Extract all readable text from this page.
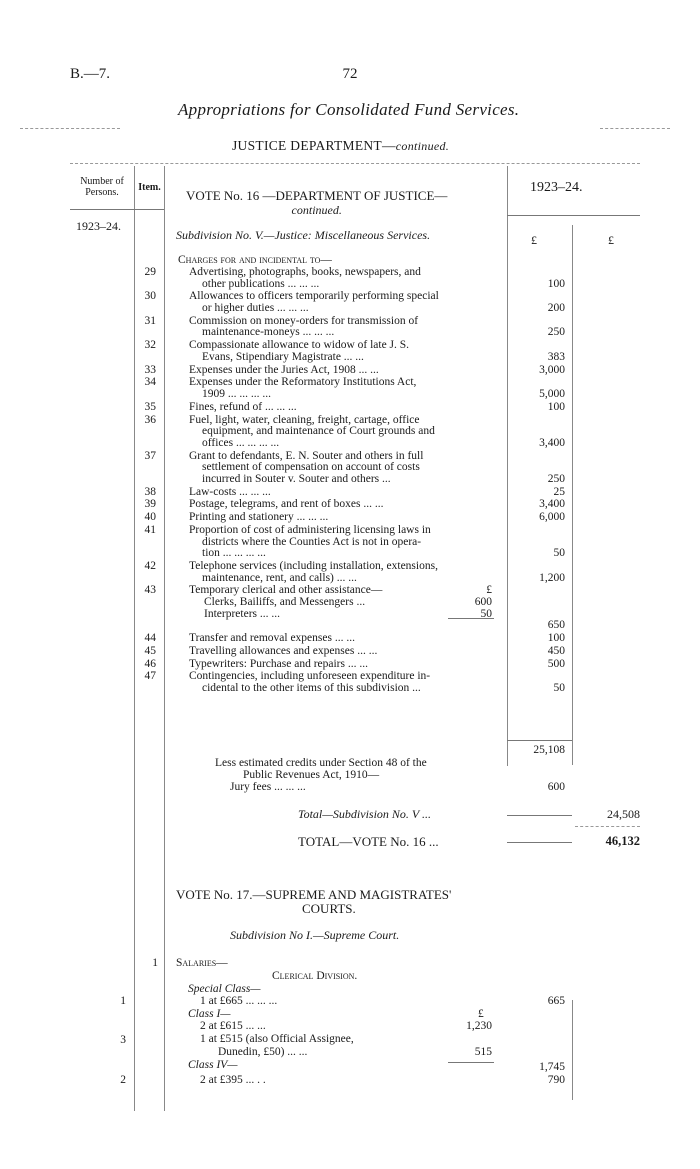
B.—7.	72
Appropriations for Consolidated Fund Services.
JUSTICE DEPARTMENT—continued.
Number of Persons.	Item.
1923–24.
1923–24.
£	£
VOTE No. 16 —DEPARTMENT OF JUSTICE—
continued.
Subdivision No. V.—Justice: Miscellaneous Services.
Charges for and incidental to—
29	Advertising, photographs, books, newspapers, and
other publications ... ... ...	100
30	Allowances to officers temporarily performing special
or higher duties ... ... ...	200
31	Commission on money-orders for transmission of
maintenance-moneys ... ... ...	250
32	Compassionate allowance to widow of late J. S.
Evans, Stipendiary Magistrate ... ...	383
33	Expenses under the Juries Act, 1908 ... ...	3,000
34	Expenses under the Reformatory Institutions Act,
1909 ... ... ... ...	5,000
35	Fines, refund of ... ... ...	100
36	Fuel, light, water, cleaning, freight, cartage, office
equipment, and maintenance of Court grounds and
offices ... ... ... ...	3,400
37	Grant to defendants, E. N. Souter and others in full
settlement of compensation on account of costs
incurred in Souter v. Souter and others ...	250
38	Law-costs ... ... ...	25
39	Postage, telegrams, and rent of boxes ... ...	3,400
40	Printing and stationery ... ... ...	6,000
41	Proportion of cost of administering licensing laws in
districts where the Counties Act is not in opera-
tion ... ... ... ...	50
42	Telephone services (including installation, extensions,
maintenance, rent, and calls) ... ...	1,200
43	Temporary clerical and other assistance—	£
Clerks, Bailiffs, and Messengers ...	600
Interpreters ... ...	50
650
44	Transfer and removal expenses ... ...	100
45	Travelling allowances and expenses ... ...	450
46	Typewriters: Purchase and repairs ... ...	500
47	Contingencies, including unforeseen expenditure in-
cidental to the other items of this subdivision ...	50
25,108
Less estimated credits under Section 48 of the
Public Revenues Act, 1910—
Jury fees ... ... ...	600
Total—Subdivision No. V ...	24,508
TOTAL—VOTE No. 16 ...	46,132
VOTE No. 17.—SUPREME AND MAGISTRATES'
COURTS.
Subdivision No I.—Supreme Court.
1 Salaries—
Clerical Division.
Special Class—
1	1 at £665 ... ... ...	665
Class I—	£
2 at £615 ... ...	1,230
3	1 at £515 (also Official Assignee,
Dunedin, £50) ... ...	515
Class IV—	1,745
2	2 at £395 ... . .	790
